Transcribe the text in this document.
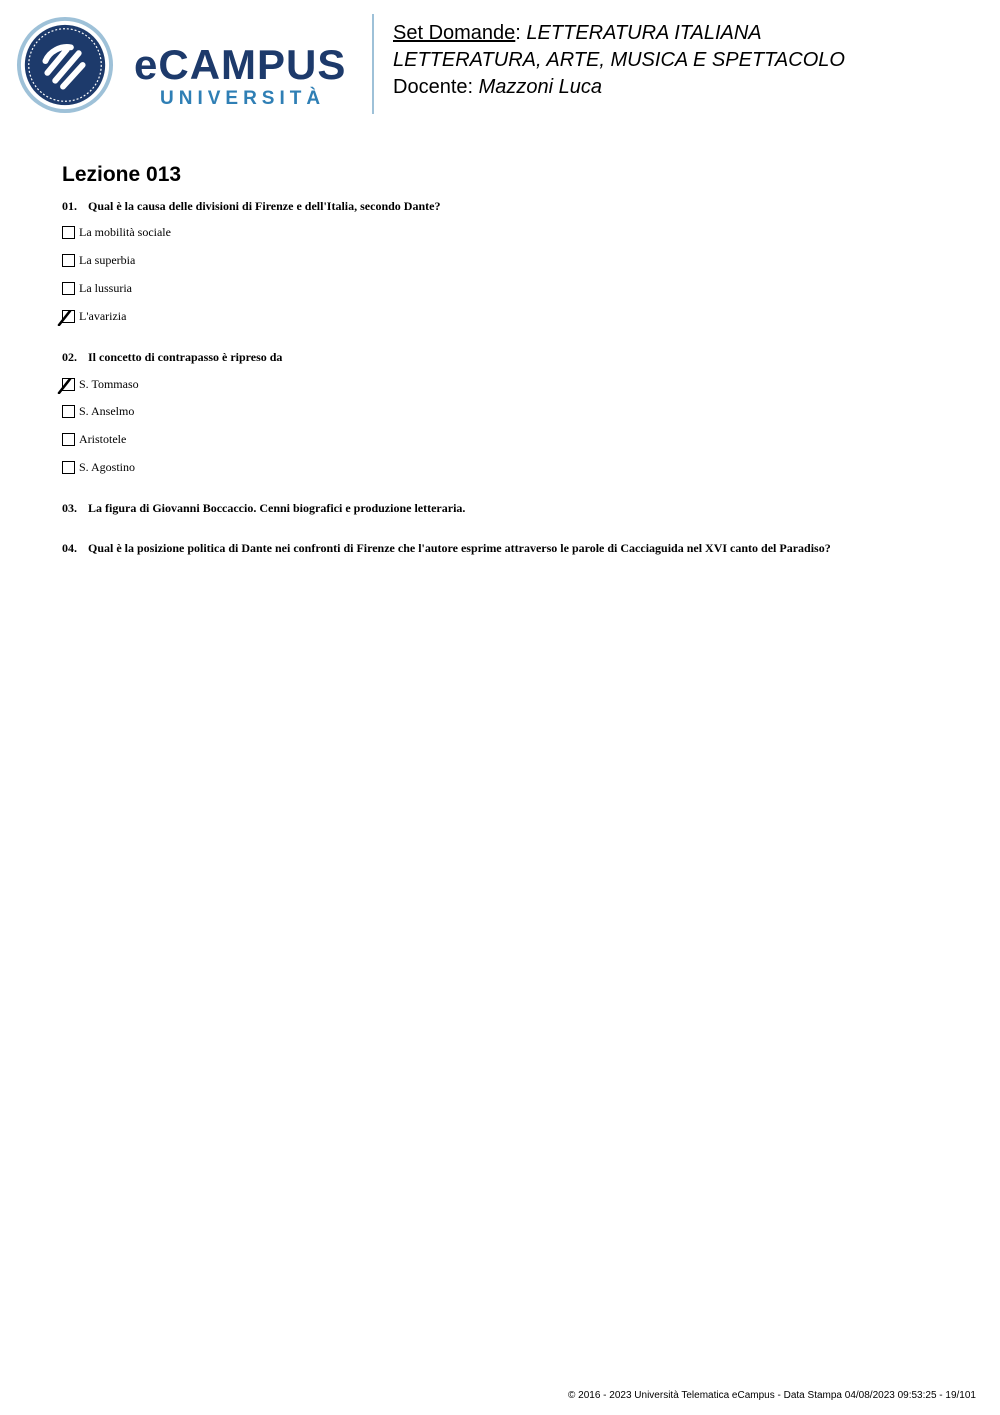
eCAMPUS
UNIVERSITÀ
Set Domande: LETTERATURA ITALIANA
LETTERATURA, ARTE, MUSICA E SPETTACOLO
Docente: Mazzoni Luca
Lezione 013
01. Qual è la causa delle divisioni di Firenze e dell'Italia, secondo Dante?
La mobilità sociale
La superbia
La lussuria
L'avarizia
02. Il concetto di contrapasso è ripreso da
S. Tommaso
S. Anselmo
Aristotele
S. Agostino
03. La figura di Giovanni Boccaccio. Cenni biografici e produzione letteraria.
04. Qual è la posizione politica di Dante nei confronti di Firenze che l'autore esprime attraverso le parole di Cacciaguida nel XVI canto del Paradiso?
© 2016 - 2023 Università Telematica eCampus - Data Stampa 04/08/2023 09:53:25 - 19/101
